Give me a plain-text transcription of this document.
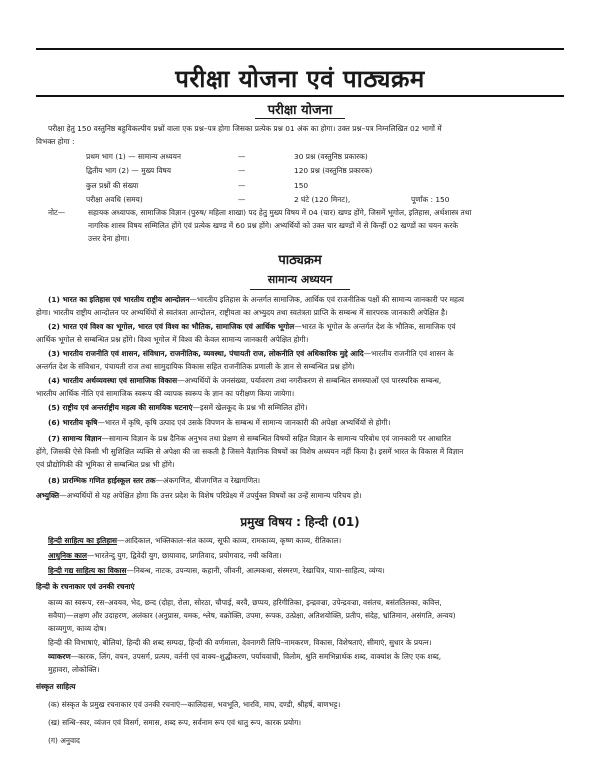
परीक्षा योजना एवं पाठ्यक्रम
परीक्षा योजना
परीक्षा हेतु 150 वस्तुनिष्ठ बहुविकल्पीय प्रश्नों वाला एक प्रश्न–पत्र होगा जिसका प्रत्येक प्रश्न 01 अंक का होगा। उक्त प्रश्न–पत्र निम्नलिखित 02 भागों में
विभक्त होगा :
प्रथम भाग (1) — सामान्य अध्ययन	—	30 प्रश्न (वस्तुनिष्ठ प्रकारक)
द्वितीय भाग (2) — मुख्य विषय	—	120 प्रश्न (वस्तुनिष्ठ प्रकारक)
कुल प्रश्नों की संख्या	—	150
परीक्षा अवधि (समय)	—	2 घंटे (120 मिनट),	पूर्णांक : 150
नोट—	सहायक अध्यापक, सामाजिक विज्ञान (पुरुष/ महिला शाखा) पद हेतु मुख्य विषय में 04 (चार) खण्ड होंगे, जिसमें भूगोल, इतिहास, अर्थशास्त्र तथा
नागरिक शास्त्र विषय सम्मिलित होंगे एवं प्रत्येक खण्ड में 60 प्रश्न होंगे। अभ्यर्थियों को उक्त चार खण्डों में से किन्हीं 02 खण्डों का चयन करके
उत्तर देना होगा।
पाठ्यक्रम
सामान्य अध्ययन
(1) भारत का इतिहास एवं भारतीय राष्ट्रीय आन्दोलन—भारतीय इतिहास के अन्तर्गत सामाजिक, आर्थिक एवं राजनीतिक पक्षों की सामान्य जानकारी पर महत्व
होगा। भारतीय राष्ट्रीय आन्दोलन पर अभ्यर्थियों से स्वतंत्रता आन्दोलन, राष्ट्रीयता का अभ्युदय तथा स्वतंत्रता प्राप्ति के सम्बन्ध में सारपरक जानकारी अपेक्षित है।
(2) भारत एवं विश्व का भूगोल, भारत एवं विश्व का भौतिक, सामाजिक एवं आर्थिक भूगोल—भारत के भूगोल के अन्तर्गत देश के भौतिक, सामाजिक एवं
आर्थिक भूगोल से सम्बन्धित प्रश्न होंगे। विश्व भूगोल में विश्व की केवल सामान्य जानकारी अपेक्षित होगी।
(3) भारतीय राजनीति एवं शासन, संविधान, राजनीतिक, व्यवस्था, पंचायती राज, लोकनीति एवं अधिकारिक मुद्दे आदि—भारतीय राजनीति एवं शासन के
अन्तर्गत देश के संविधान, पंचायती राज तथा सामुदायिक विकास सहित राजनीतिक प्रणाली के ज्ञान से सम्बन्धित प्रश्न होंगे।
(4) भारतीय अर्थव्यवस्था एवं सामाजिक विकास—अभ्यर्थियों के जनसंख्या, पर्यावरण तथा नगरीकरण से सम्बन्धित समस्याओं एवं पारस्परिक सम्बन्ध,
भारतीय आर्थिक नीति एवं सामाजिक स्वरूप की व्यापक स्वरूप के ज्ञान का परीक्षण किया जायेगा।
(5) राष्ट्रीय एवं अन्तर्राष्ट्रीय महत्व की सामयिक घटनाएं—इसमें खेलकूद के प्रश्न भी सम्मिलित होंगे।
(6) भारतीय कृषि—भारत में कृषि, कृषि उत्पाद एवं उसके विपणन के सम्बन्ध में सामान्य जानकारी की अपेक्षा अभ्यर्थियों से होगी।
(7) सामान्य विज्ञान—सामान्य विज्ञान के प्रश्न दैनिक अनुभव तथा प्रेक्षण से सम्बन्धित विषयों सहित विज्ञान के सामान्य परिबोध एवं जानकारी पर आधारित
होंगे, जिसकी ऐसे किसी भी सुशिक्षित व्यक्ति से अपेक्षा की जा सकती है जिसने वैज्ञानिक विषयों का विशेष अध्ययन नहीं किया है। इसमें भारत के विकास में विज्ञान
एवं प्रौद्योगिकी की भूमिका से सम्बन्धित प्रश्न भी होंगे।
(8) प्रारम्भिक गणित हाईस्कूल स्तर तक—अंकगणित, बीजगणित व रेखागणित।
अभ्युक्ति—अभ्यर्थियों से यह अपेक्षित होगा कि उत्तर प्रदेश के विशेष परिप्रेक्ष्य में उपर्युक्त विषयों का उन्हें सामान्य परिचय हो।
प्रमुख विषय : हिन्दी (01)
हिन्दी साहित्य का इतिहास—आदिकाल, भक्तिकाल–संत काव्य, सूफी काव्य, रामकाव्य, कृष्ण काव्य, रीतिकाल।
आधुनिक काल—भारतेन्दु युग, द्विवेदी युग, छायावाद, प्रगतिवाद, प्रयोगवाद, नयी कविता।
हिन्दी गद्य साहित्य का विकास—निबन्ध, नाटक, उपन्यास, कहानी, जीवनी, आत्मकथा, संस्मरण, रेखाचित्र, यात्रा–साहित्य, व्यंग्य।
हिन्दी के रचनाकार एवं उनकी रचनाएं
काव्य का स्वरूप, रस–अवयव, भेद, छन्द (दोहा, रोला, सोरठा, चौपाई, बरवै, छप्पय, हरिगीतिका, इन्द्रवज्रा, उपेन्द्रवज्रा, वसंतच, बसंततिलका, कवित्त,
सवैया)—लक्षण और उदाहरण, अलंकार (अनुप्रास, यमक, श्लेष, वक्रोक्ति, उपमा, रूपक, उत्प्रेक्षा, अतिशयोक्ति, प्रतीप, संदेह, भ्रांतिमान, असंगति, अन्वय)
काव्यगुण, काव्य दोष।
हिन्दी की विभाषाएं, बोलियां, हिन्दी की शब्द सम्पदा, हिन्दी की वर्णमाला, देवनागरी लिपि–नामकरण, विकास, विशेषताएं, सीमाएं, सुधार के प्रयत्न।
व्याकरण—कारक, लिंग, वचन, उपसर्ग, प्रत्यय, वर्तनी एवं वाक्य–शुद्धीकरण, पर्यायवाची, विलोम, श्रुति समभिन्नार्थक शब्द, वाक्यांश के लिए एक शब्द,
मुहावरा, लोकोक्ति।
संस्कृत साहित्य
(क) संस्कृत के प्रमुख रचनाकार एवं उनकी रचनाएं—कालिदास, भवभूति, भारवि, माघ, दण्डी, श्रीहर्ष, बाणभट्ट।
(ख) सन्धि–स्वर, व्यंजन एवं विसर्ग, समास, शब्द रूप, सर्वनाम रूप एवं धातु रूप, कारक प्रयोग।
(ग) अनुवाद
